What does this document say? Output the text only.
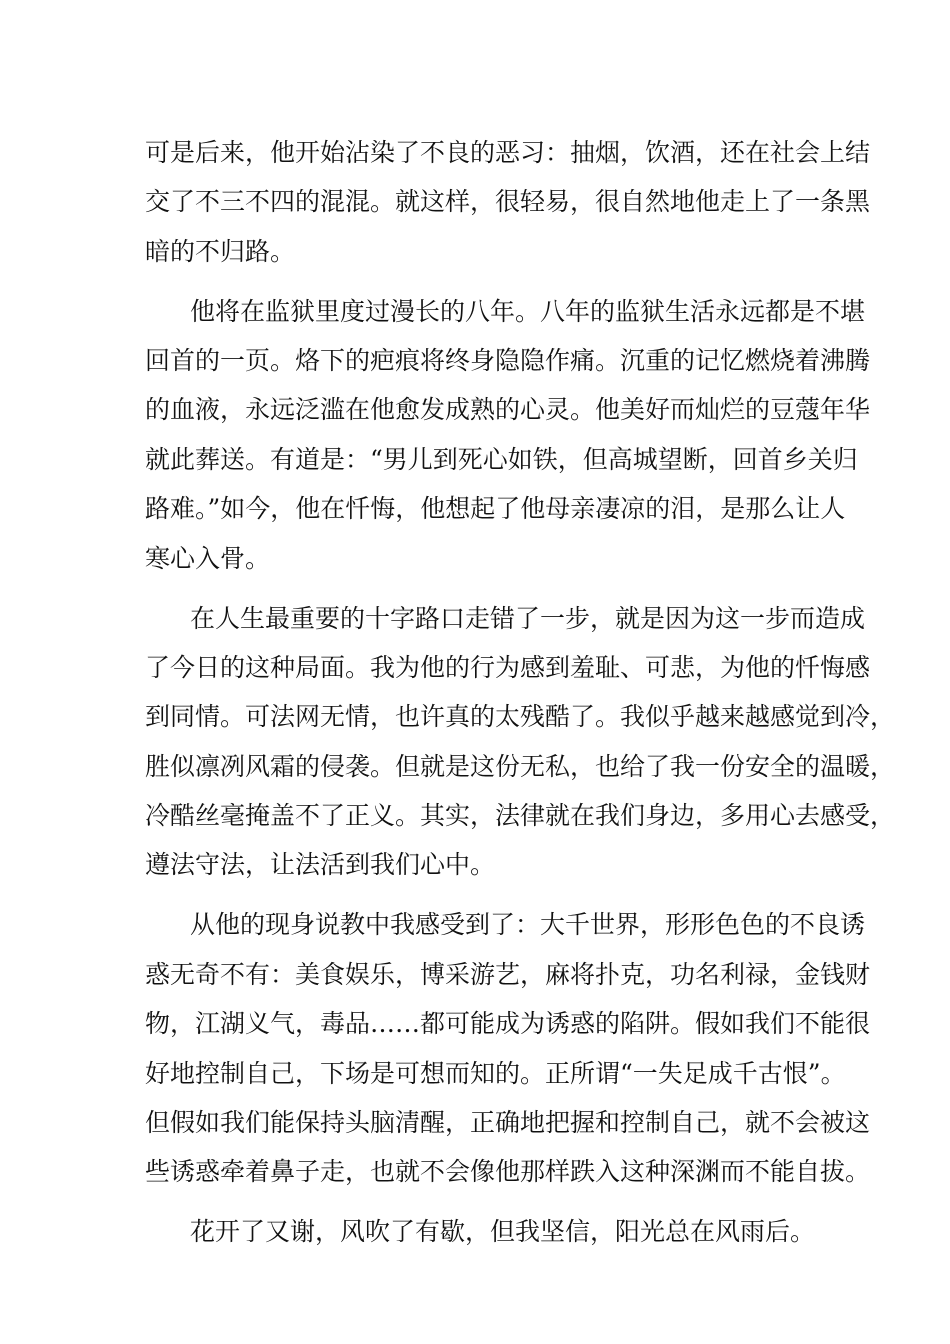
可是后来，他开始沾染了不良的恶习：抽烟，饮酒，还在社会上结
交了不三不四的混混。就这样，很轻易，很自然地他走上了一条黑
暗的不归路。
他将在监狱里度过漫长的八年。八年的监狱生活永远都是不堪
回首的一页。烙下的疤痕将终身隐隐作痛。沉重的记忆燃烧着沸腾
的血液，永远泛滥在他愈发成熟的心灵。他美好而灿烂的豆蔻年华
就此葬送。有道是：“男儿到死心如铁，但高城望断，回首乡关归
路难。”如今，他在忏悔，他想起了他母亲凄凉的泪，是那么让人
寒心入骨。
在人生最重要的十字路口走错了一步，就是因为这一步而造成
了今日的这种局面。我为他的行为感到羞耻、可悲，为他的忏悔感
到同情。可法网无情，也许真的太残酷了。我似乎越来越感觉到冷，
胜似凛冽风霜的侵袭。但就是这份无私，也给了我一份安全的温暖，
冷酷丝毫掩盖不了正义。其实，法律就在我们身边，多用心去感受，
遵法守法，让法活到我们心中。
从他的现身说教中我感受到了：大千世界，形形色色的不良诱
惑无奇不有：美食娱乐，博采游艺，麻将扑克，功名利禄，金钱财
物，江湖义气，毒品……都可能成为诱惑的陷阱。假如我们不能很
好地控制自己，下场是可想而知的。正所谓“一失足成千古恨”。
但假如我们能保持头脑清醒，正确地把握和控制自己，就不会被这
些诱惑牵着鼻子走，也就不会像他那样跌入这种深渊而不能自拔。
花开了又谢，风吹了有歇，但我坚信，阳光总在风雨后。
